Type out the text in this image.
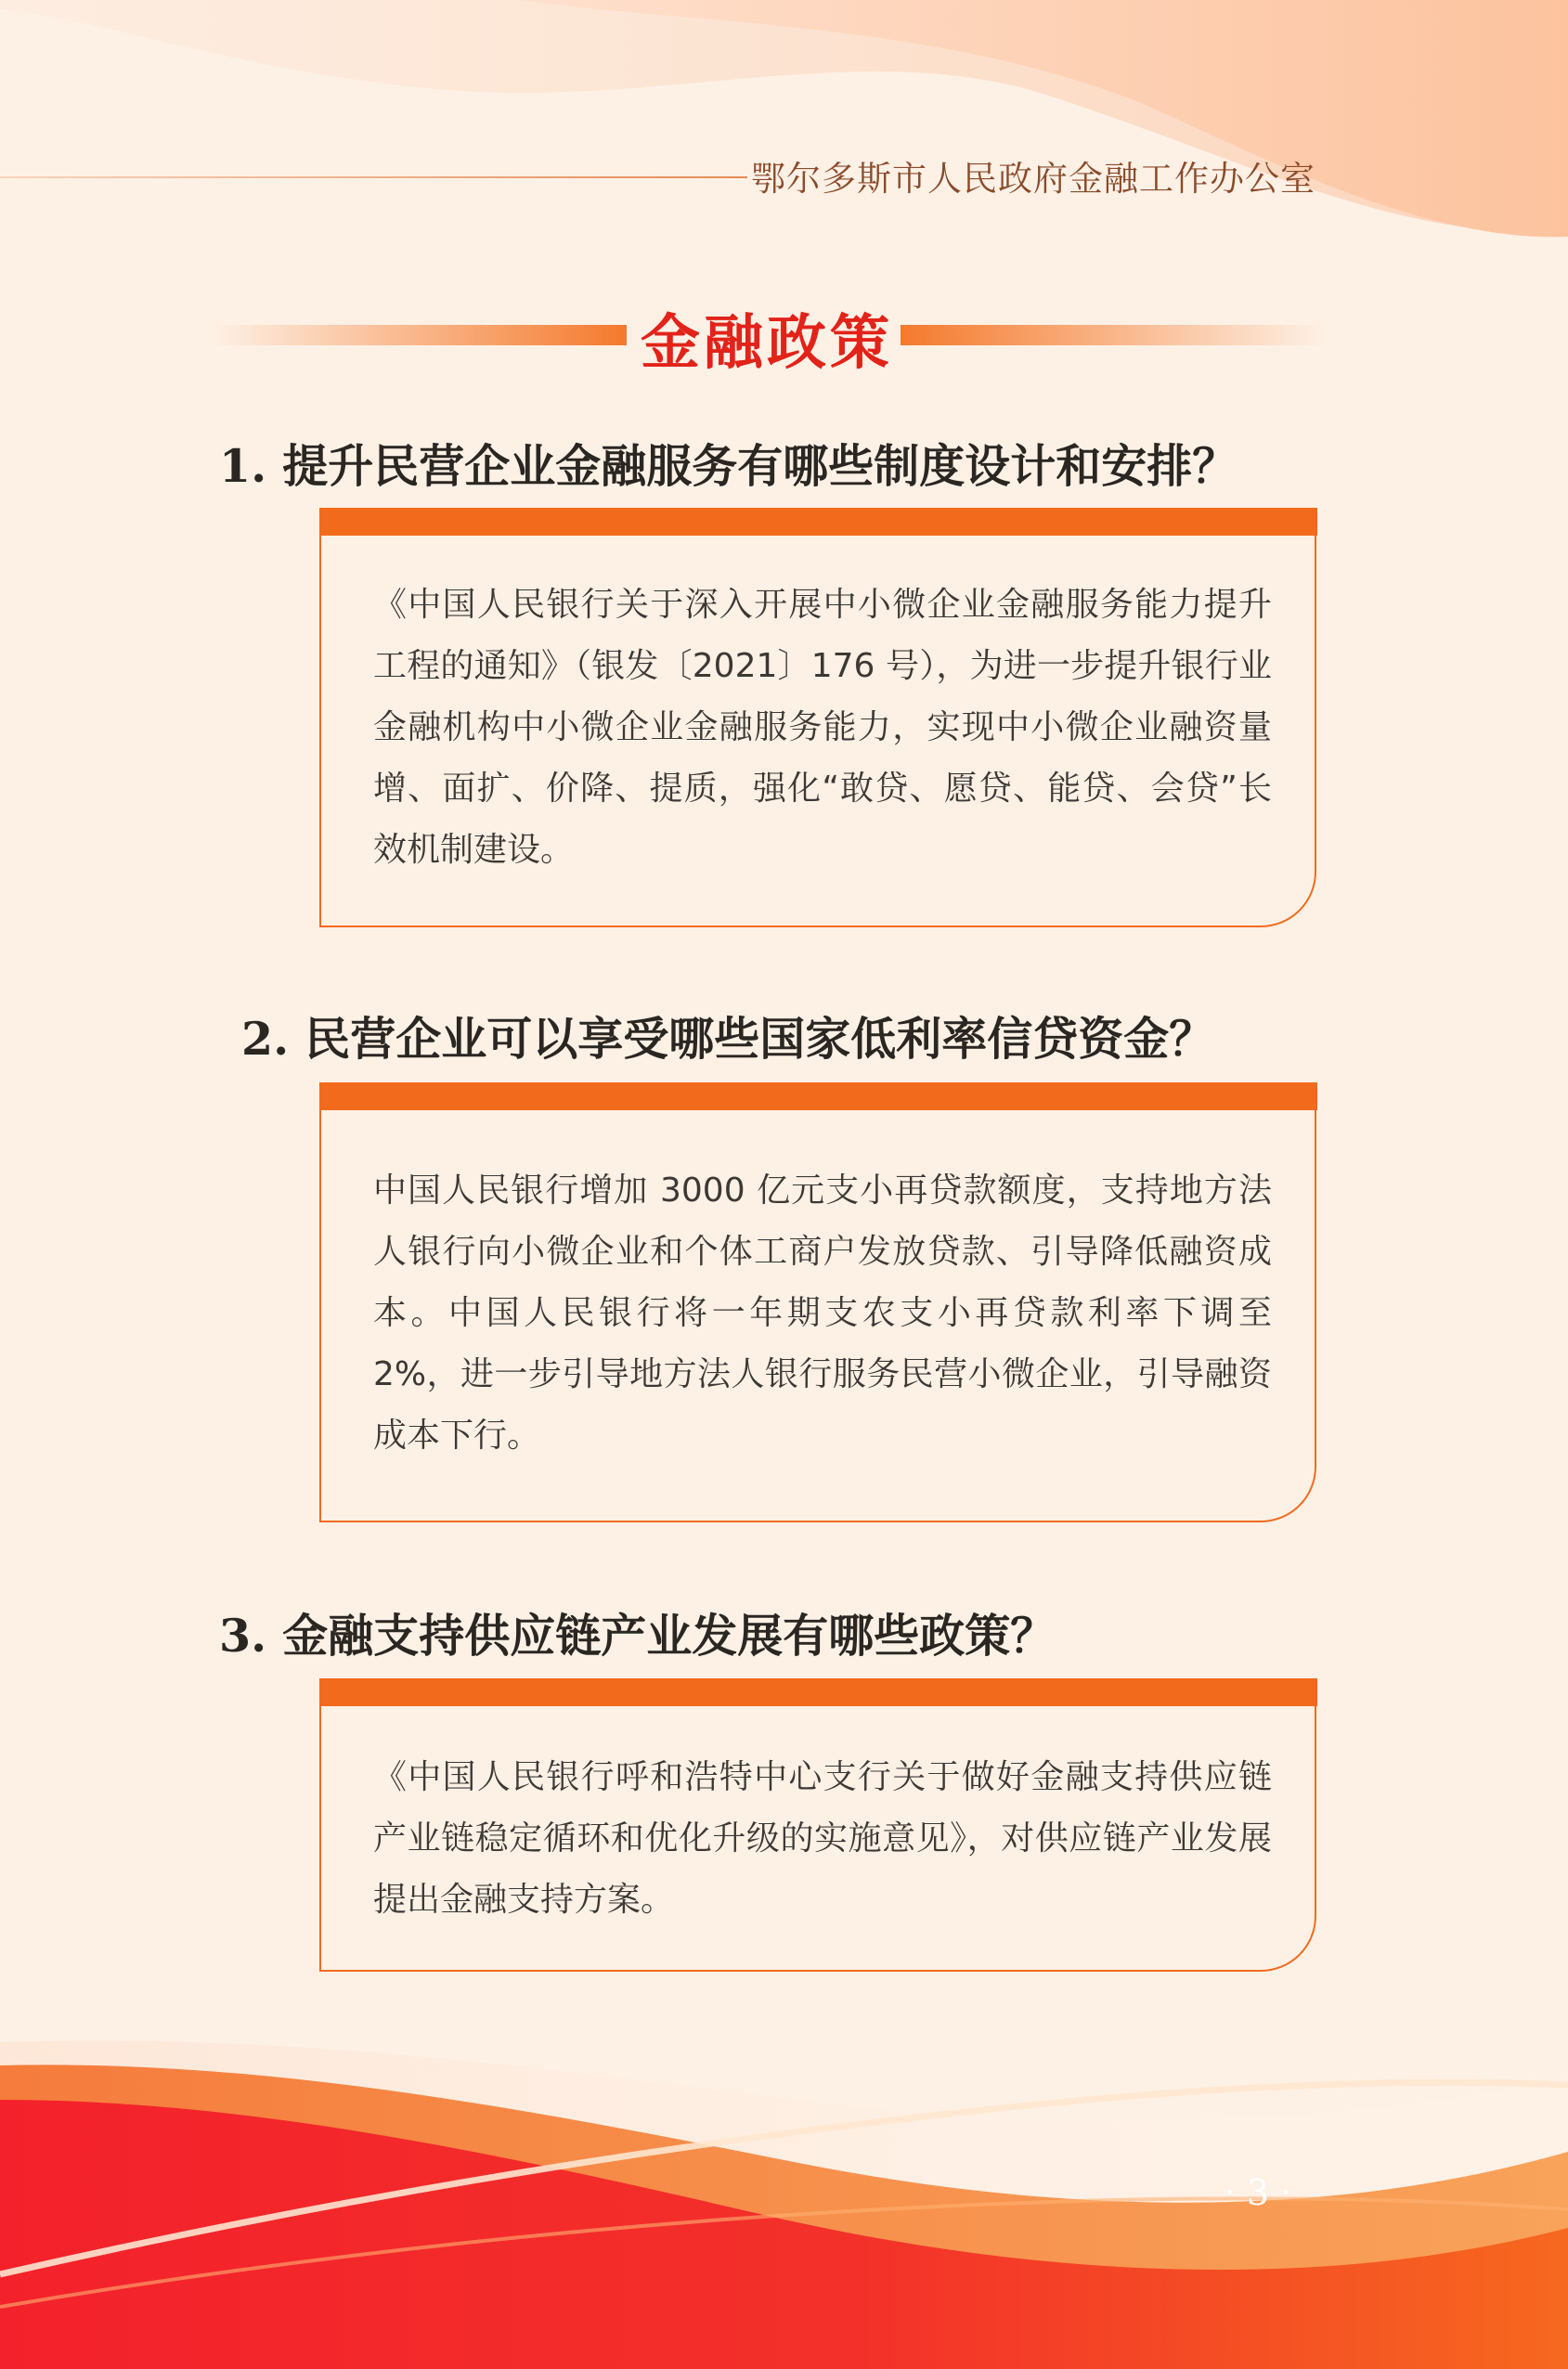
鄂尔多斯市人民政府金融工作办公室
金融政策
1. 提升民营企业金融服务有哪些制度设计和安排？
《中国人民银行关于深入开展中小微企业金融服务能力提升工程的通知》（银发〔2021〕176 号），为进一步提升银行业金融机构中小微企业金融服务能力，实现中小微企业融资量增、面扩、价降、提质，强化“敢贷、愿贷、能贷、会贷”长效机制建设。
2. 民营企业可以享受哪些国家低利率信贷资金？
中国人民银行增加 3000 亿元支小再贷款额度，支持地方法人银行向小微企业和个体工商户发放贷款、引导降低融资成本。中国人民银行将一年期支农支小再贷款利率下调至 2%，进一步引导地方法人银行服务民营小微企业，引导融资成本下行。
3. 金融支持供应链产业发展有哪些政策？
《中国人民银行呼和浩特中心支行关于做好金融支持供应链产业链稳定循环和优化升级的实施意见》，对供应链产业发展提出金融支持方案。
· 3 ·
